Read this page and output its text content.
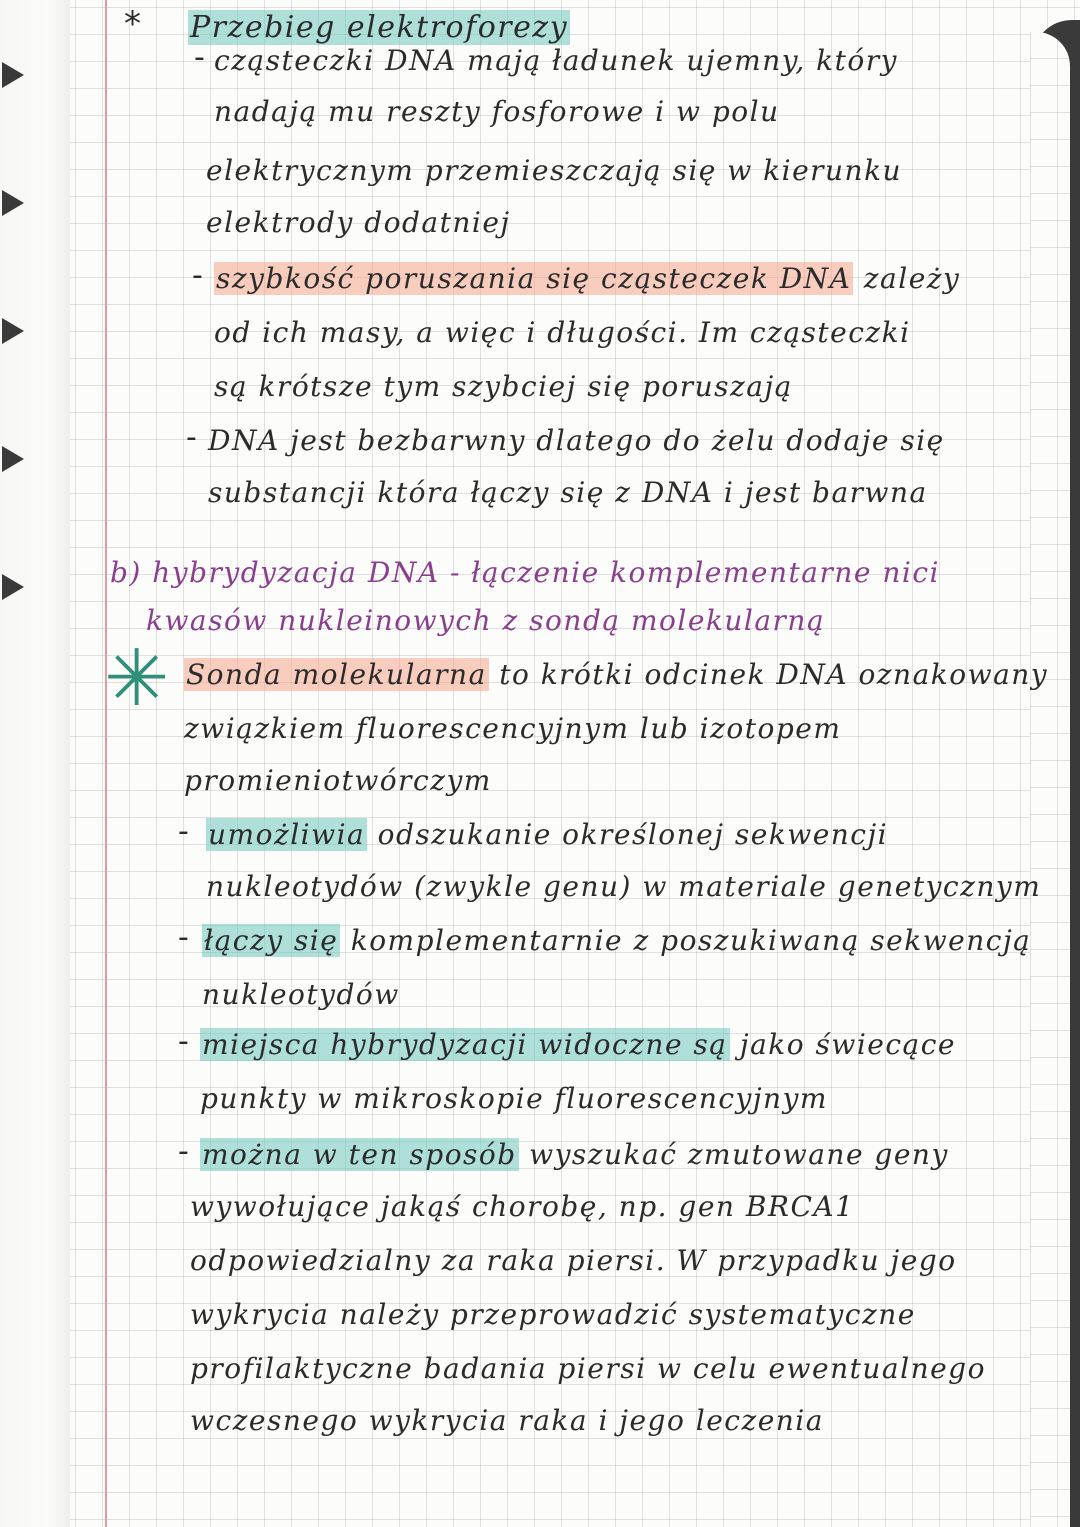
* Przebieg elektroforezy
- cząsteczki DNA mają ładunek ujemny, który
nadają mu reszty fosforowe i w polu
elektrycznym przemieszczają się w kierunku
elektrody dodatniej
- szybkość poruszania się cząsteczek DNA zależy
od ich masy, a więc i długości. Im cząsteczki
są krótsze tym szybciej się poruszają
- DNA jest bezbarwny dlatego do żelu dodaje się
substancji która łączy się z DNA i jest barwna
b) hybrydyzacja DNA - łączenie komplementarne nici
kwasów nukleinowych z sondą molekularną
✳ Sonda molekularna to krótki odcinek DNA oznakowany
związkiem fluorescencyjnym lub izotopem
promieniotwórczym
- umożliwia odszukanie określonej sekwencji
nukleotydów (zwykle genu) w materiale genetycznym
- łączy się komplementarnie z poszukiwaną sekwencją
nukleotydów
- miejsca hybrydyzacji widoczne są jako świecące
punkty w mikroskopie fluorescencyjnym
- można w ten sposób wyszukać zmutowane geny
wywołujące jakąś chorobę, np. gen BRCA1
odpowiedzialny za raka piersi. W przypadku jego
wykrycia należy przeprowadzić systematyczne
profilaktyczne badania piersi w celu ewentualnego
wczesnego wykrycia raka i jego leczenia
